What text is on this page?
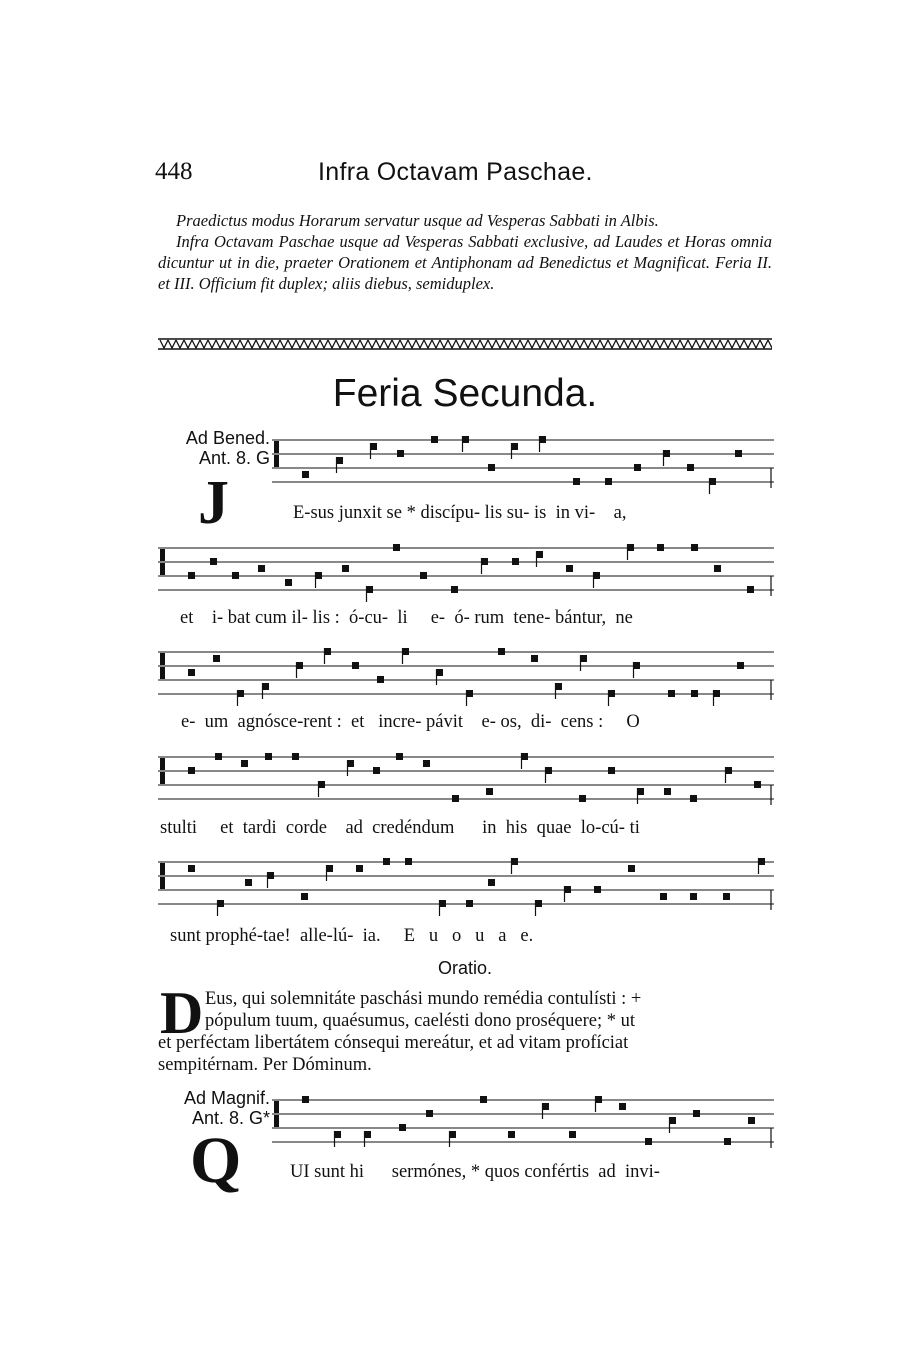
448	Infra Octavam Paschae.

Praedictus modus Horarum servatur usque ad Vesperas Sabbati in Albis.

Infra Octavam Paschae usque ad Vesperas Sabbati exclusive, ad Laudes et Horas omnia dicuntur ut in die, praeter Orationem et Antiphonam ad Benedictus et Magnificat. Feria II. et III. Officium fit duplex; aliis diebus, semiduplex.

Feria Secunda.
Ad Bened.
Ant. 8. G
J	E-sus junxit se * discípu- lis su- is  in vi-    a,
et    i- bat cum il- lis :  ó-cu-  li     e-  ó- rum  tene- bántur,  ne
e-  um  agnósce-rent :  et   incre- pávit    e- os,  di-  cens :     O
stulti     et  tardi  corde    ad  credéndum      in  his  quae  lo-cú- ti
sunt prophé-tae!  alle-lú-  ia.     E   u   o   u   a   e.
Oratio.
D Eus, qui solemnitáte paschási mundo remédia contulísti : +
pópulum tuum, quaésumus, caelésti dono proséquere; * ut
et perféctam libertátem cónsequi mereátur, et ad vitam profíciat
sempitérnam. Per Dóminum.
Ad Magnif.
Ant. 8. G*
Q	UI sunt hi      sermónes, * quos confértis  ad  invi-
